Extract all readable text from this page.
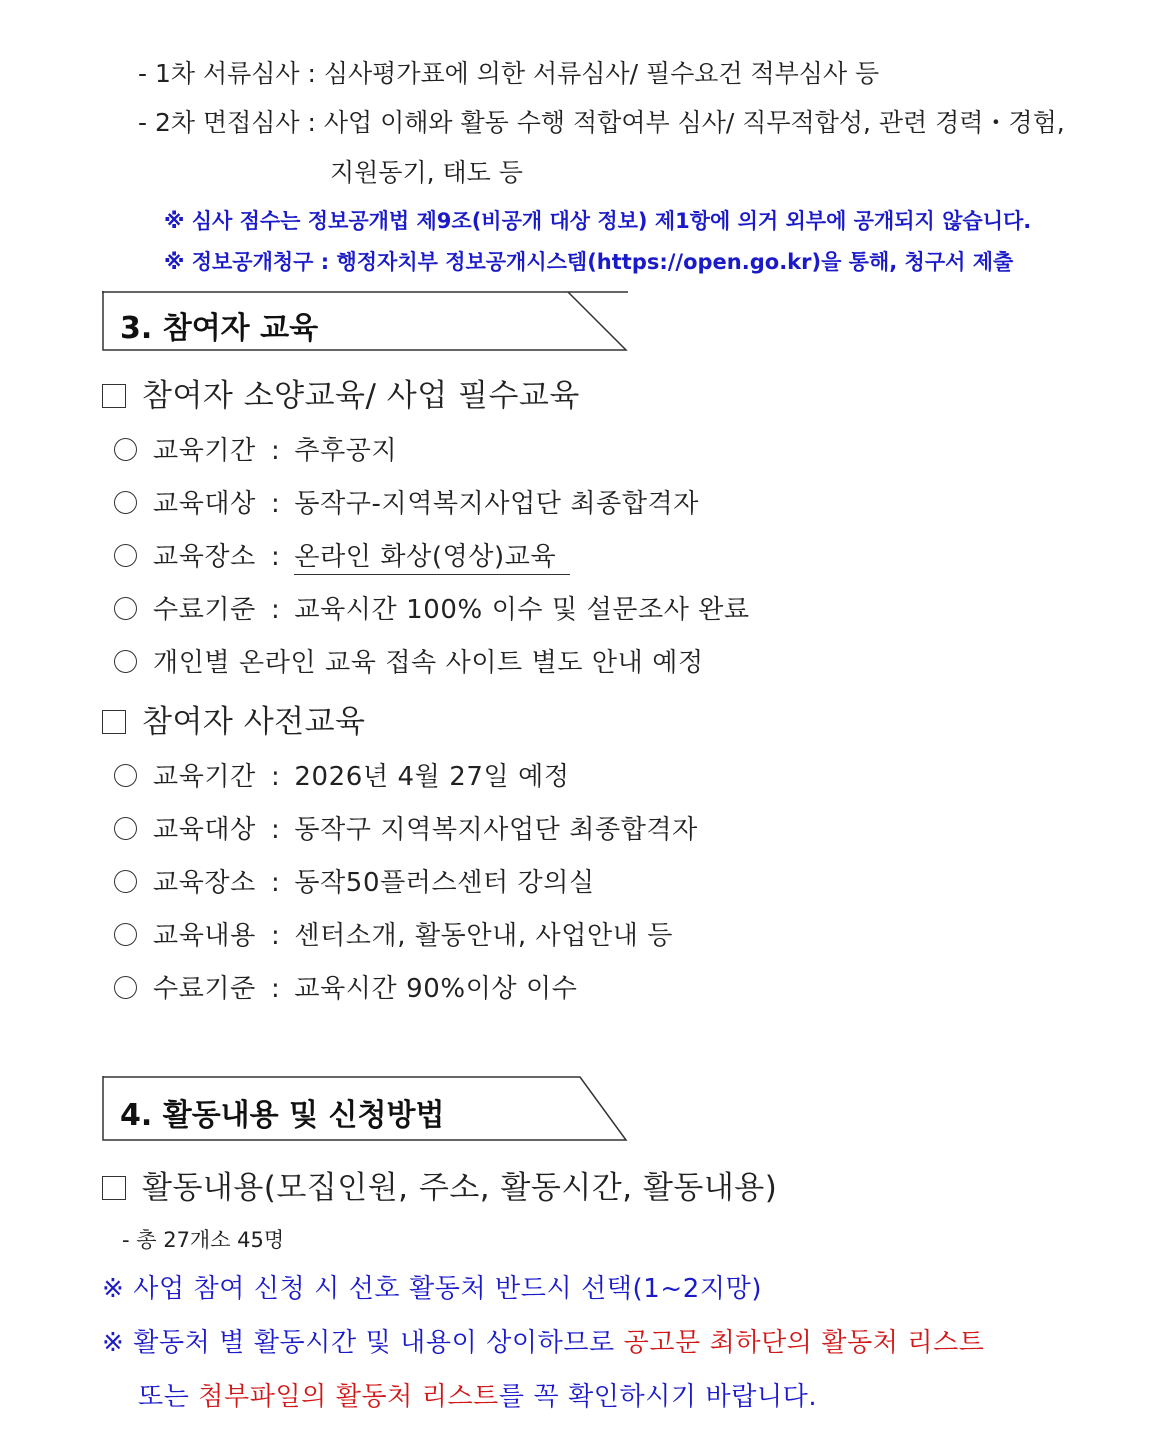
- 1차 서류심사 : 심사평가표에 의한 서류심사/ 필수요건 적부심사 등
- 2차 면접심사 : 사업 이해와 활동 수행 적합여부 심사/ 직무적합성, 관련 경력・경험,
지원동기, 태도 등
※ 심사 점수는 정보공개법 제9조(비공개 대상 정보) 제1항에 의거 외부에 공개되지 않습니다.
※ 정보공개청구 : 행정자치부 정보공개시스템(https://open.go.kr)을 통해, 청구서 제출
3. 참여자 교육
참여자 소양교육/ 사업 필수교육
교육기간 : 추후공지
교육대상 : 동작구-지역복지사업단 최종합격자
교육장소 : 온라인 화상(영상)교육
수료기준 : 교육시간 100% 이수 및 설문조사 완료
개인별 온라인 교육 접속 사이트 별도 안내 예정
참여자 사전교육
교육기간 : 2026년 4월 27일 예정
교육대상 : 동작구 지역복지사업단 최종합격자
교육장소 : 동작50플러스센터 강의실
교육내용 : 센터소개, 활동안내, 사업안내 등
수료기준 : 교육시간 90%이상 이수
4. 활동내용 및 신청방법
활동내용(모집인원, 주소, 활동시간, 활동내용)
- 총 27개소 45명
※ 사업 참여 신청 시 선호 활동처 반드시 선택(1~2지망)
※ 활동처 별 활동시간 및 내용이 상이하므로 공고문 최하단의 활동처 리스트
또는 첨부파일의 활동처 리스트를 꼭 확인하시기 바랍니다.
